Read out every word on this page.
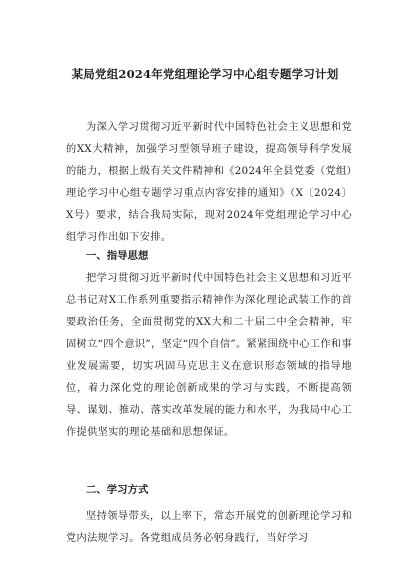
某局党组2024年党组理论学习中心组专题学习计划
为深入学习贯彻习近平新时代中国特色社会主义思想和党的XX大精神，加强学习型领导班子建设，提高领导科学发展的能力，根据上级有关文件精神和《2024年全县党委（党组）理论学习中心组专题学习重点内容安排的通知》（X〔2024〕X号）要求，结合我局实际，现对2024年党组理论学习中心组学习作出如下安排。
一、指导思想
把学习贯彻习近平新时代中国特色社会主义思想和习近平总书记对X工作系列重要指示精神作为深化理论武装工作的首要政治任务，全面贯彻党的XX大和二十届二中全会精神，牢固树立“四个意识”，坚定“四个自信”。紧紧围绕中心工作和事业发展需要，切实巩固马克思主义在意识形态领域的指导地位，着力深化党的理论创新成果的学习与实践，不断提高领导、谋划、推动、落实改革发展的能力和水平，为我局中心工作提供坚实的理论基础和思想保证。
二、学习方式
坚持领导带头，以上率下，常态开展党的创新理论学习和党内法规学习。各党组成员务必躬身践行，当好学习
